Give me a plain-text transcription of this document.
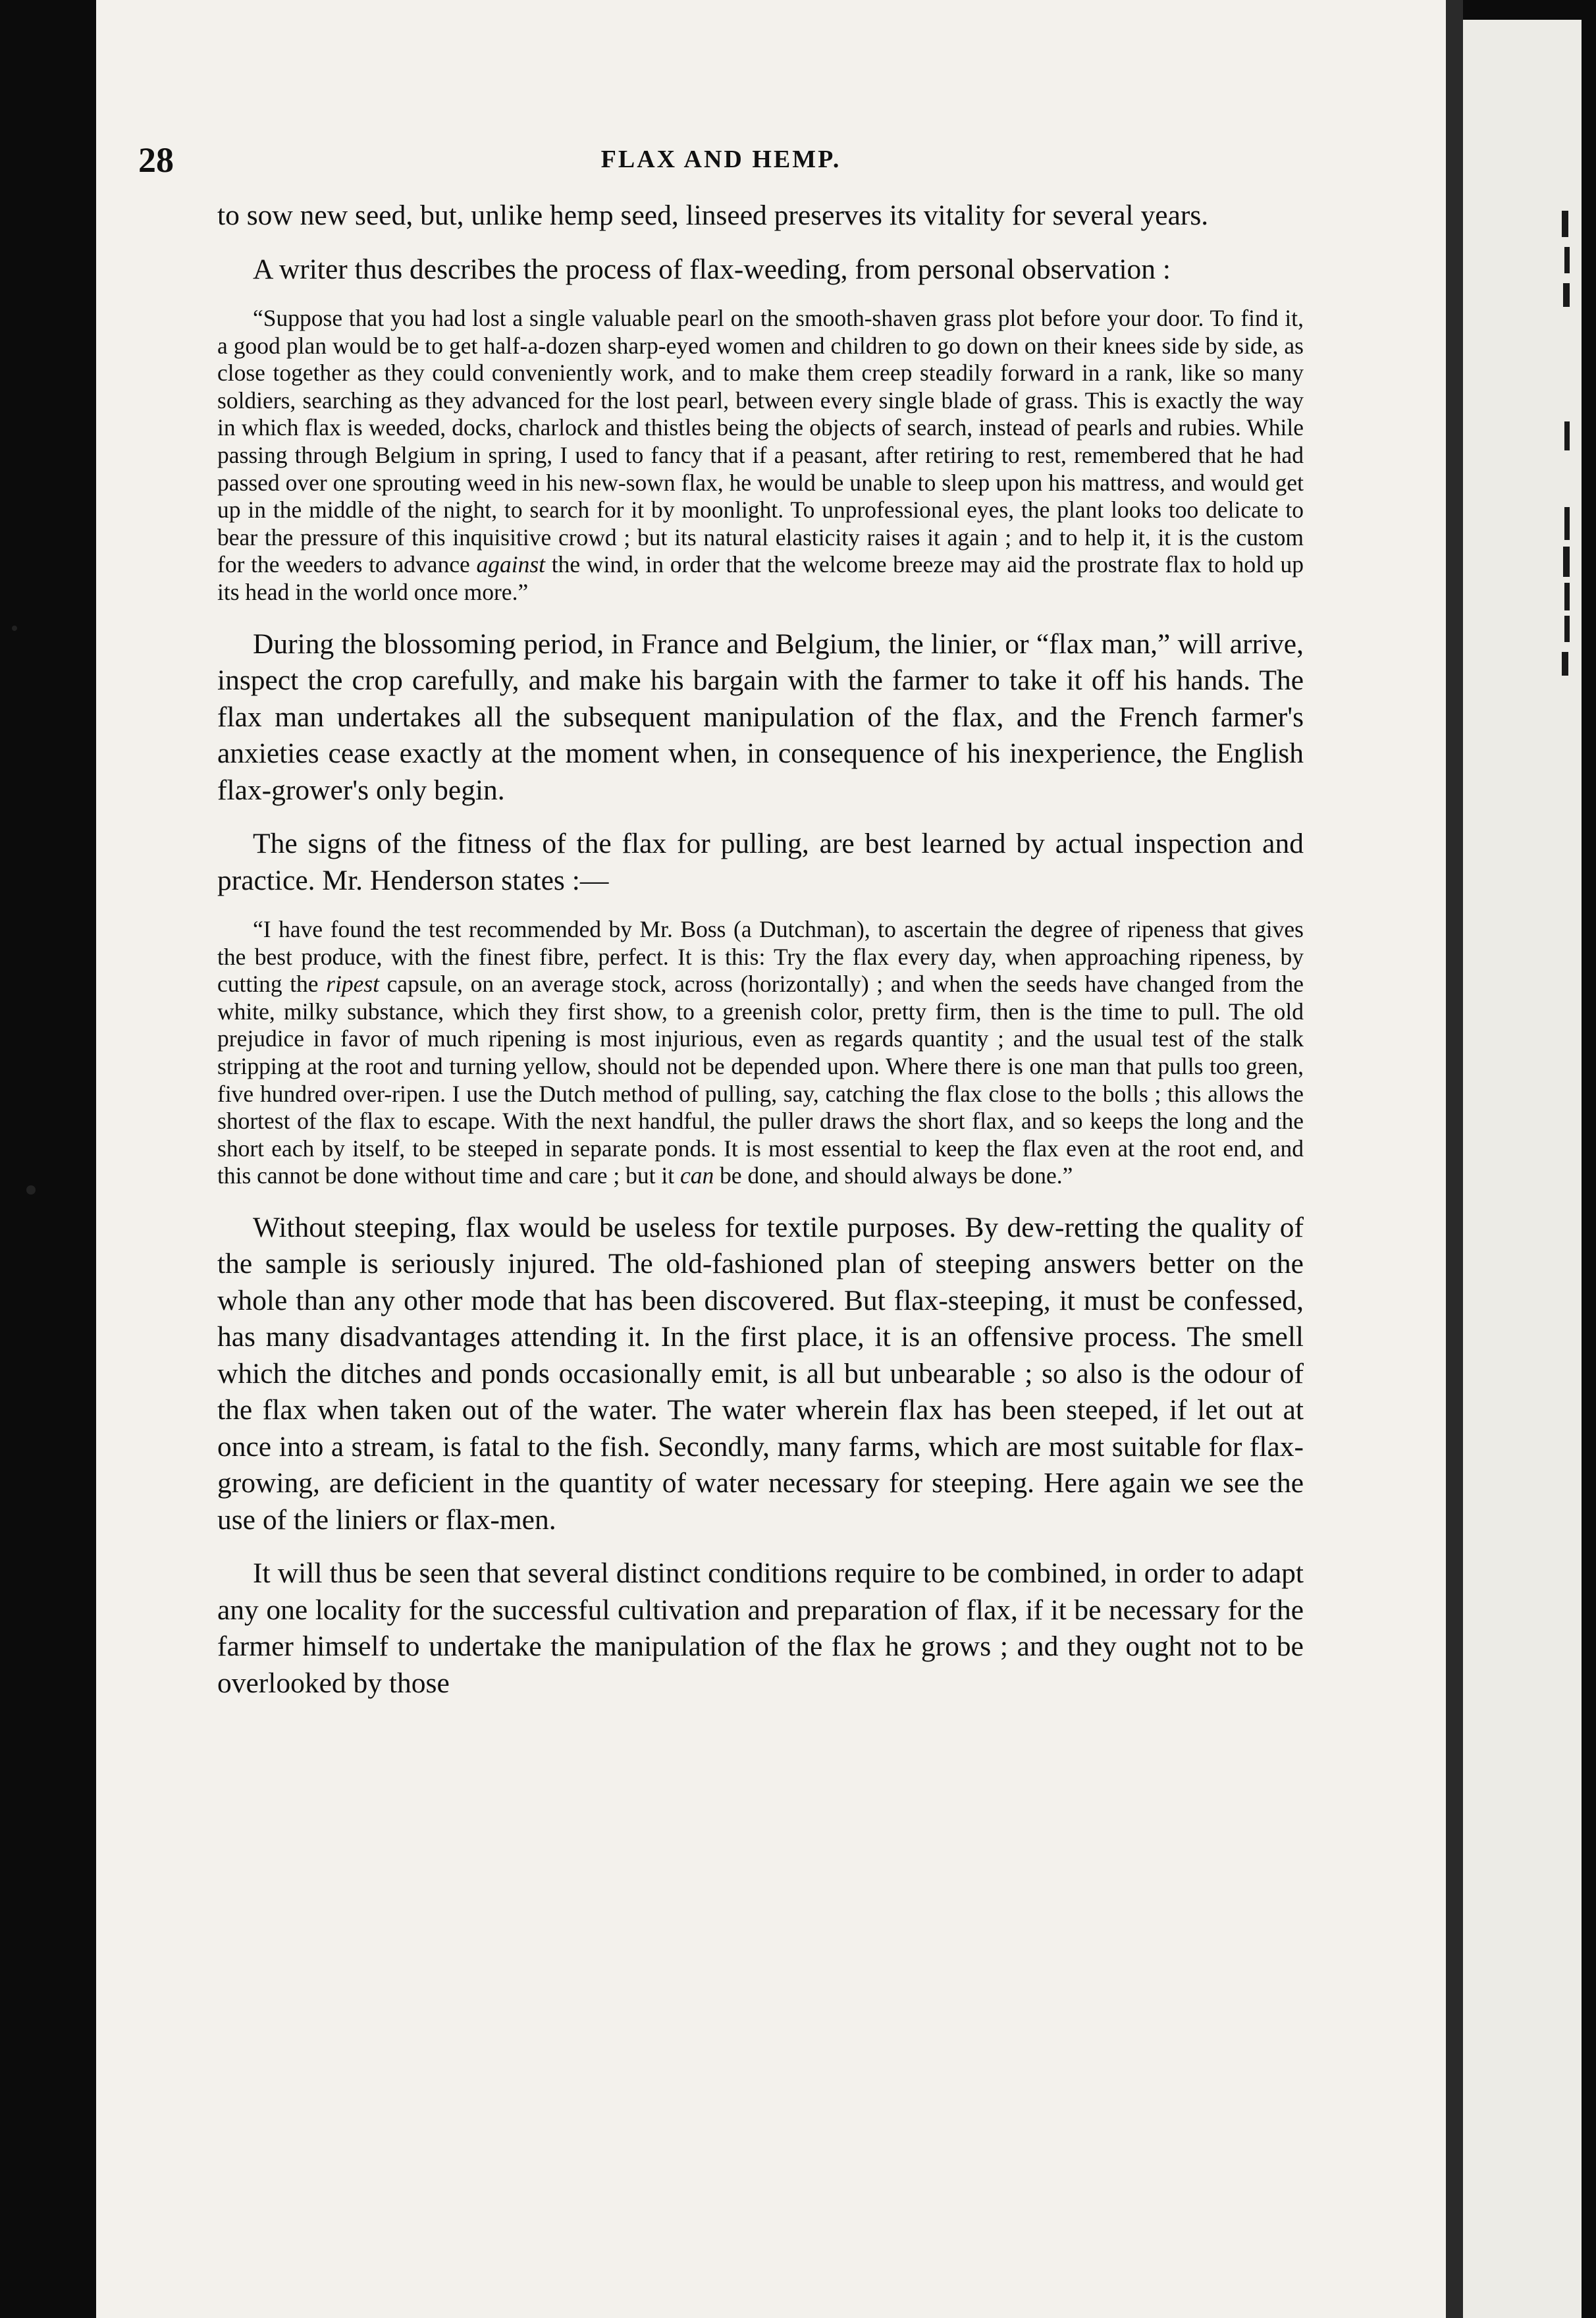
28	FLAX AND HEMP.

to sow new seed, but, unlike hemp seed, linseed preserves its vitality for several years.

A writer thus describes the process of flax-weeding, from personal observation :

“Suppose that you had lost a single valuable pearl on the smooth-shaven grass plot before your door. To find it, a good plan would be to get half-a-dozen sharp-eyed women and children to go down on their knees side by side, as close together as they could conveniently work, and to make them creep steadily forward in a rank, like so many soldiers, searching as they advanced for the lost pearl, between every single blade of grass. This is exactly the way in which flax is weeded, docks, charlock and thistles being the objects of search, instead of pearls and rubies. While passing through Belgium in spring, I used to fancy that if a peasant, after retiring to rest, remembered that he had passed over one sprouting weed in his new-sown flax, he would be unable to sleep upon his mattress, and would get up in the middle of the night, to search for it by moonlight. To unprofessional eyes, the plant looks too delicate to bear the pressure of this inquisitive crowd ; but its natural elasticity raises it again ; and to help it, it is the custom for the weeders to advance against the wind, in order that the welcome breeze may aid the prostrate flax to hold up its head in the world once more.”

During the blossoming period, in France and Belgium, the linier, or “flax man,” will arrive, inspect the crop carefully, and make his bargain with the farmer to take it off his hands. The flax man undertakes all the subsequent manipulation of the flax, and the French farmer's anxieties cease exactly at the moment when, in consequence of his inexperience, the English flax-grower's only begin.

The signs of the fitness of the flax for pulling, are best learned by actual inspection and practice. Mr. Henderson states :—

“I have found the test recommended by Mr. Boss (a Dutchman), to ascertain the degree of ripeness that gives the best produce, with the finest fibre, perfect. It is this: Try the flax every day, when approaching ripeness, by cutting the ripest capsule, on an average stock, across (horizontally) ; and when the seeds have changed from the white, milky substance, which they first show, to a greenish color, pretty firm, then is the time to pull. The old prejudice in favor of much ripening is most injurious, even as regards quantity ; and the usual test of the stalk stripping at the root and turning yellow, should not be depended upon. Where there is one man that pulls too green, five hundred over-ripen. I use the Dutch method of pulling, say, catching the flax close to the bolls ; this allows the shortest of the flax to escape. With the next handful, the puller draws the short flax, and so keeps the long and the short each by itself, to be steeped in separate ponds. It is most essential to keep the flax even at the root end, and this cannot be done without time and care ; but it can be done, and should always be done.”

Without steeping, flax would be useless for textile purposes. By dew-retting the quality of the sample is seriously injured. The old-fashioned plan of steeping answers better on the whole than any other mode that has been discovered. But flax-steeping, it must be confessed, has many disadvantages attending it. In the first place, it is an offensive process. The smell which the ditches and ponds occasionally emit, is all but unbearable ; so also is the odour of the flax when taken out of the water. The water wherein flax has been steeped, if let out at once into a stream, is fatal to the fish. Secondly, many farms, which are most suitable for flax-growing, are deficient in the quantity of water necessary for steeping. Here again we see the use of the liniers or flax-men.

It will thus be seen that several distinct conditions require to be combined, in order to adapt any one locality for the successful cultivation and preparation of flax, if it be necessary for the farmer himself to undertake the manipulation of the flax he grows ; and they ought not to be overlooked by those
